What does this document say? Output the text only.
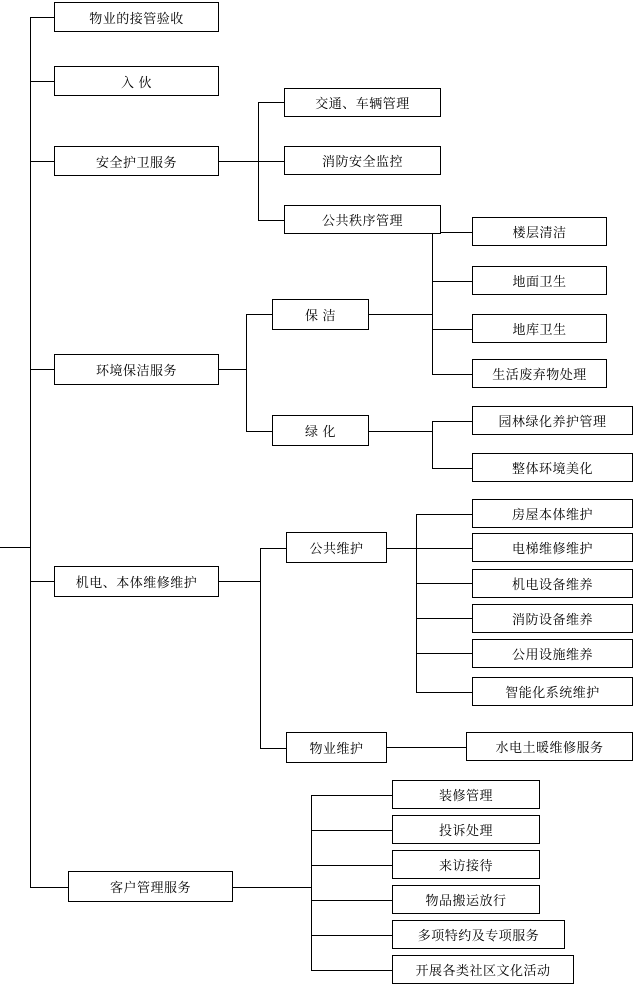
物业的接管验收
入 伙
安全护卫服务
交通、车辆管理
消防安全监控
公共秩序管理
环境保洁服务
保 洁
绿 化
楼层清洁
地面卫生
地库卫生
生活废弃物处理
园林绿化养护管理
整体环境美化
机电、本体维修维护
公共维护
物业维护
房屋本体维护
电梯维修维护
机电设备维养
消防设备维养
公用设施维养
智能化系统维护
水电土暖维修服务
客户管理服务
装修管理
投诉处理
来访接待
物品搬运放行
多项特约及专项服务
开展各类社区文化活动
